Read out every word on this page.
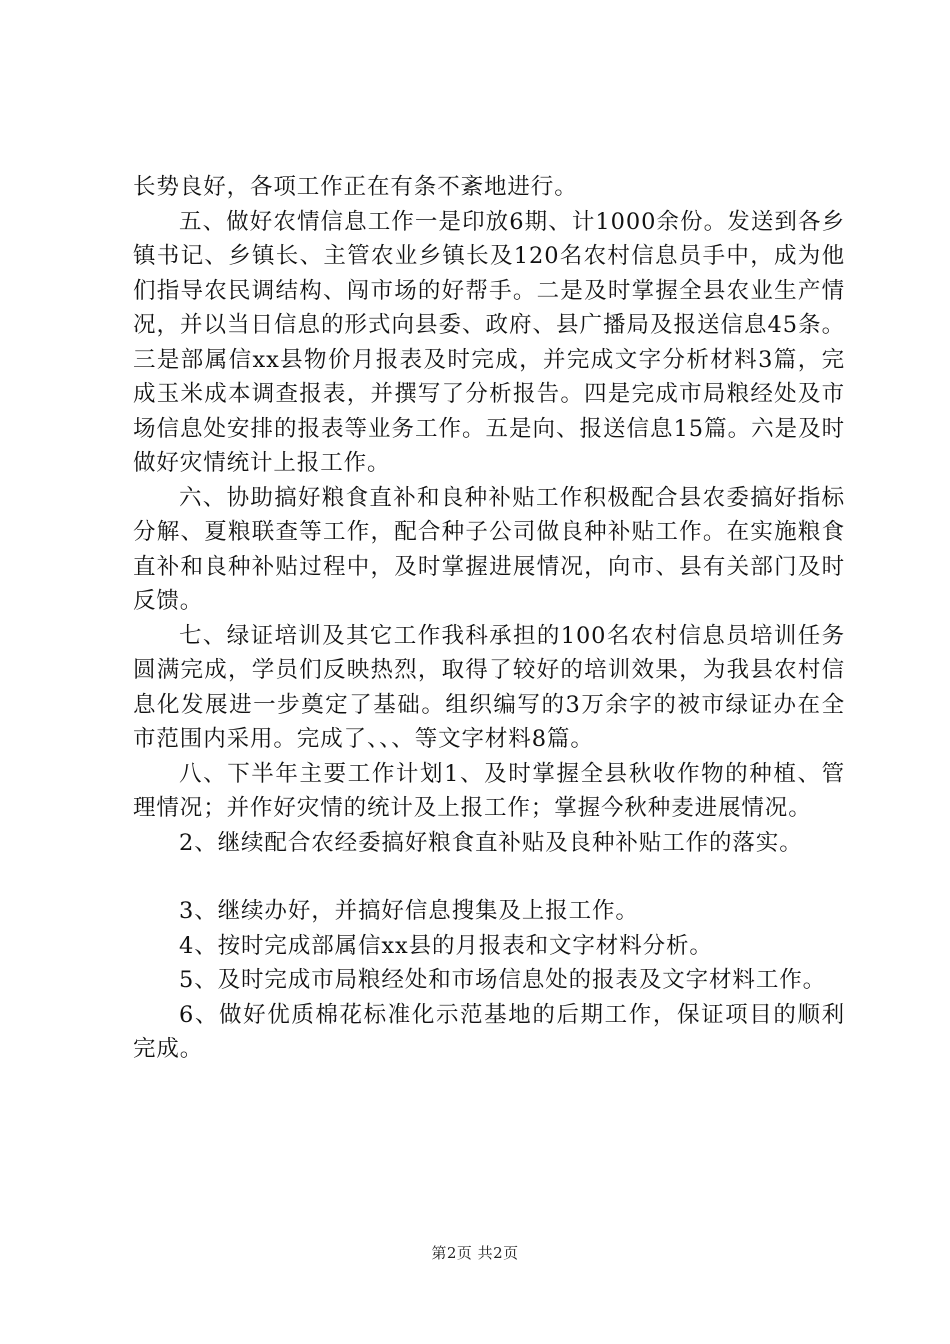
长势良好，各项工作正在有条不紊地进行。

五、做好农情信息工作一是印放6期、计1000余份。发送到各乡镇书记、乡镇长、主管农业乡镇长及120名农村信息员手中，成为他们指导农民调结构、闯市场的好帮手。二是及时掌握全县农业生产情况，并以当日信息的形式向县委、政府、县广播局及报送信息45条。三是部属信xx县物价月报表及时完成，并完成文字分析材料3篇，完成玉米成本调查报表，并撰写了分析报告。四是完成市局粮经处及市场信息处安排的报表等业务工作。五是向、报送信息15篇。六是及时做好灾情统计上报工作。

六、协助搞好粮食直补和良种补贴工作积极配合县农委搞好指标分解、夏粮联查等工作，配合种子公司做良种补贴工作。在实施粮食直补和良种补贴过程中，及时掌握进展情况，向市、县有关部门及时反馈。

七、绿证培训及其它工作我科承担的100名农村信息员培训任务圆满完成，学员们反映热烈，取得了较好的培训效果，为我县农村信息化发展进一步奠定了基础。组织编写的3万余字的被市绿证办在全市范围内采用。完成了、、、等文字材料8篇。

八、下半年主要工作计划1、及时掌握全县秋收作物的种植、管理情况；并作好灾情的统计及上报工作；掌握今秋种麦进展情况。

2、继续配合农经委搞好粮食直补贴及良种补贴工作的落实。

3、继续办好，并搞好信息搜集及上报工作。

4、按时完成部属信xx县的月报表和文字材料分析。

5、及时完成市局粮经处和市场信息处的报表及文字材料工作。

6、做好优质棉花标准化示范基地的后期工作，保证项目的顺利完成。

第2页 共2页
